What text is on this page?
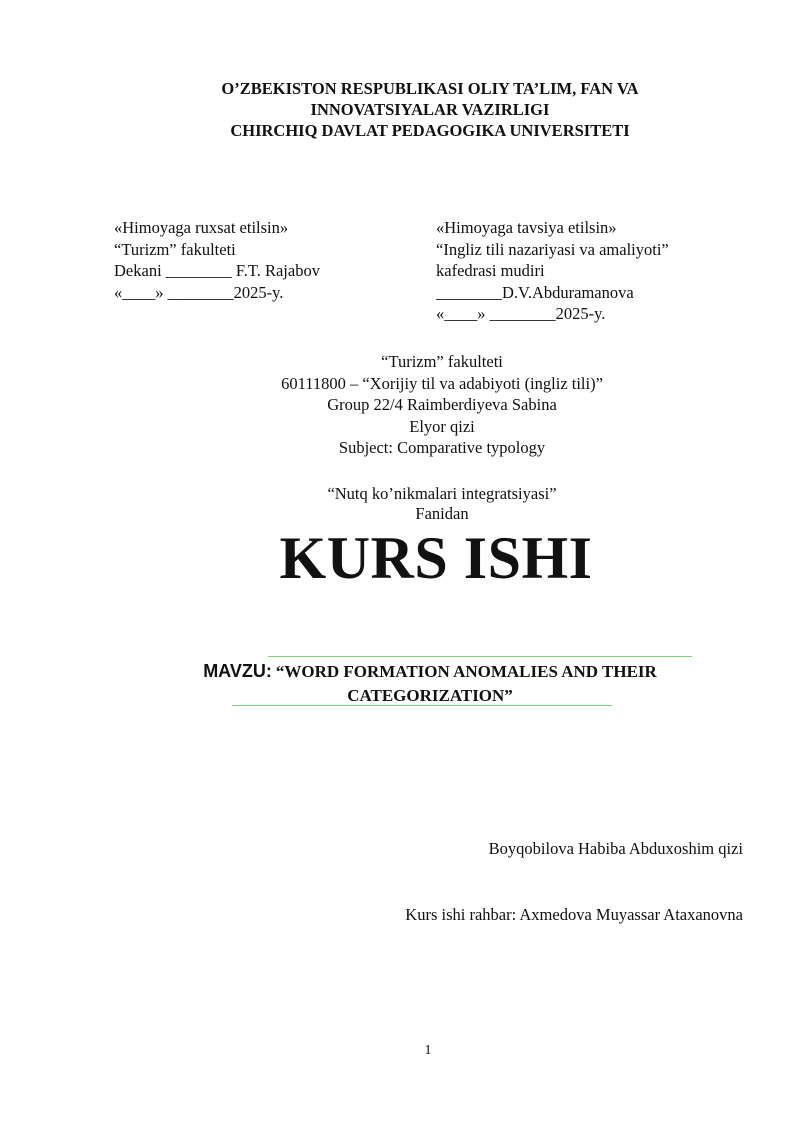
O’ZBEKISTON RESPUBLIKASI OLIY TA’LIM, FAN VA
INNOVATSIYALAR VAZIRLIGI
CHIRCHIQ DAVLAT PEDAGOGIKA UNIVERSITETI
«Himoyaga ruxsat etilsin»
“Turizm” fakulteti
Dekani ________ F.T. Rajabov
«____» ________2025-y.
«Himoyaga tavsiya etilsin»
“Ingliz tili nazariyasi va amaliyoti”
kafedrasi mudiri
________D.V.Abduramanova
«____» ________2025-y.
“Turizm” fakulteti
60111800 – “Xorijiy til va adabiyoti (ingliz tili)”
Group 22/4 Raimberdiyeva Sabina
Elyor qizi
Subject: Comparative typology
“Nutq ko’nikmalari integratsiyasi”
Fanidan
KURS ISHI
MAVZU: “WORD FORMATION ANOMALIES AND THEIR
CATEGORIZATION”
Boyqobilova Habiba Abduxoshim qizi
Kurs ishi rahbar: Axmedova Muyassar Ataxanovna
1
